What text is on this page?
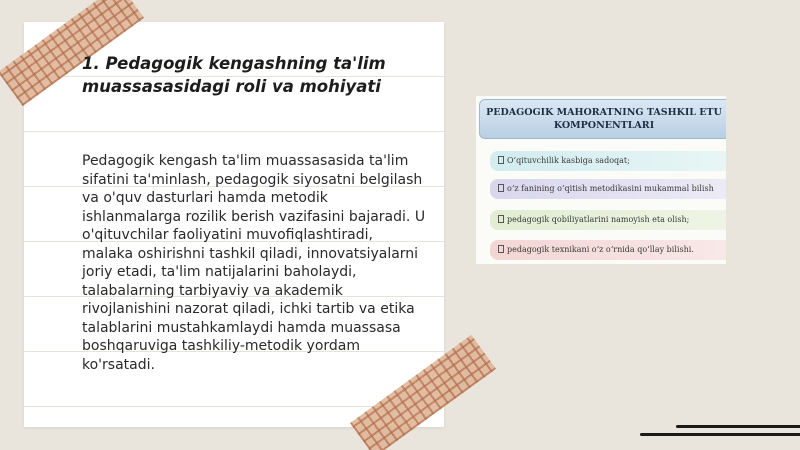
1. Pedagogik kengashning ta'lim muassasasidagi roli va mohiyati

Pedagogik kengash ta'lim muassasasida ta'lim sifatini ta'minlash, pedagogik siyosatni belgilash va o'quv dasturlari hamda metodik ishlanmalarga rozilik berish vazifasini bajaradi. U o'qituvchilar faoliyatini muvofiqlashtiradi, malaka oshirishni tashkil qiladi, innovatsiyalarni joriy etadi, ta'lim natijalarini baholaydi, talabalarning tarbiyaviy va akademik rivojlanishini nazorat qiladi, ichki tartib va etika talablarini mustahkamlaydi hamda muassasa boshqaruviga tashkiliy-metodik yordam ko'rsatadi.

PEDAGOGIK MAHORATNING TASHKIL ETU
KOMPONENTLARI
O‘qituvchilik kasbiga sadoqat;
o‘z fanining o‘qitish metodikasini mukammal bilish
pedagogik qobiliyatlarini namoyish eta olish;
pedagogik texnikani o‘z o‘rnida qo‘llay bilishi.
